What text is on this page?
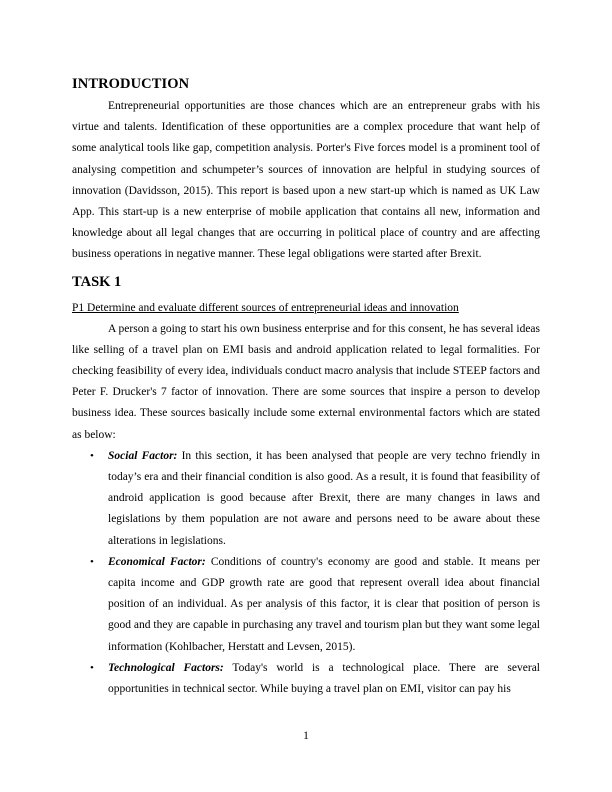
INTRODUCTION

Entrepreneurial opportunities are those chances which are an entrepreneur grabs with his virtue and talents. Identification of these opportunities are a complex procedure that want help of some analytical tools like gap, competition analysis. Porter's Five forces model is a prominent tool of analysing competition and schumpeter’s sources of innovation are helpful in studying sources of innovation (Davidsson, 2015). This report is based upon a new start-up which is named as UK Law App. This start-up is a new enterprise of mobile application that contains all new, information and knowledge about all legal changes that are occurring in political place of country and are affecting business operations in negative manner. These legal obligations were started after Brexit.

TASK 1
P1 Determine and evaluate different sources of entrepreneurial ideas and innovation

A person a going to start his own business enterprise and for this consent, he has several ideas like selling of a travel plan on EMI basis and android application related to legal formalities. For checking feasibility of every idea, individuals conduct macro analysis that include STEEP factors and Peter F. Drucker's 7 factor of innovation. There are some sources that inspire a person to develop business idea. These sources basically include some external environmental factors which are stated as below:

• Social Factor: In this section, it has been analysed that people are very techno friendly in today’s era and their financial condition is also good. As a result, it is found that feasibility of android application is good because after Brexit, there are many changes in laws and legislations by them population are not aware and persons need to be aware about these alterations in legislations.
• Economical Factor: Conditions of country's economy are good and stable. It means per capita income and GDP growth rate are good that represent overall idea about financial position of an individual. As per analysis of this factor, it is clear that position of person is good and they are capable in purchasing any travel and tourism plan but they want some legal information (Kohlbacher, Herstatt and Levsen, 2015).
• Technological Factors: Today's world is a technological place. There are several opportunities in technical sector. While buying a travel plan on EMI, visitor can pay his
1
